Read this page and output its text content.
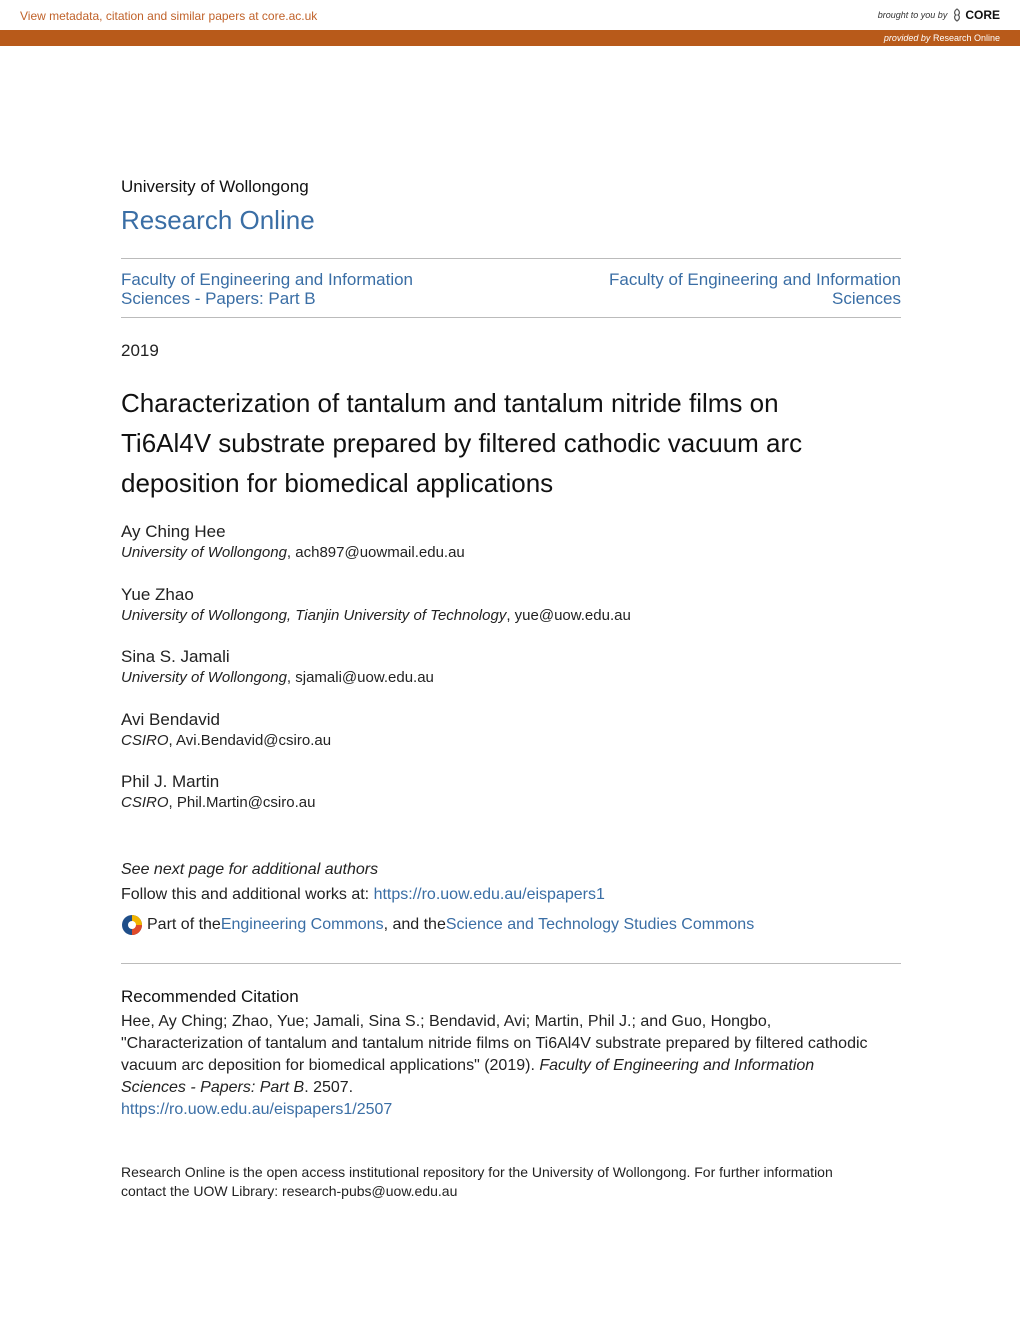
View metadata, citation and similar papers at core.ac.uk	brought to you by CORE
provided by Research Online
University of Wollongong
Research Online
Faculty of Engineering and Information
Sciences - Papers: Part B
Faculty of Engineering and Information
Sciences
2019
Characterization of tantalum and tantalum nitride films on
Ti6Al4V substrate prepared by filtered cathodic vacuum arc
deposition for biomedical applications
Ay Ching Hee
University of Wollongong, ach897@uowmail.edu.au
Yue Zhao
University of Wollongong, Tianjin University of Technology, yue@uow.edu.au
Sina S. Jamali
University of Wollongong, sjamali@uow.edu.au
Avi Bendavid
CSIRO, Avi.Bendavid@csiro.au
Phil J. Martin
CSIRO, Phil.Martin@csiro.au
See next page for additional authors
Follow this and additional works at: https://ro.uow.edu.au/eispapers1
Part of the Engineering Commons , and the Science and Technology Studies Commons
Recommended Citation
Hee, Ay Ching; Zhao, Yue; Jamali, Sina S.; Bendavid, Avi; Martin, Phil J.; and Guo, Hongbo, "Characterization of tantalum and tantalum nitride films on Ti6Al4V substrate prepared by filtered cathodic vacuum arc deposition for biomedical applications" (2019). Faculty of Engineering and Information Sciences - Papers: Part B. 2507.
https://ro.uow.edu.au/eispapers1/2507
Research Online is the open access institutional repository for the University of Wollongong. For further information
contact the UOW Library: research-pubs@uow.edu.au
